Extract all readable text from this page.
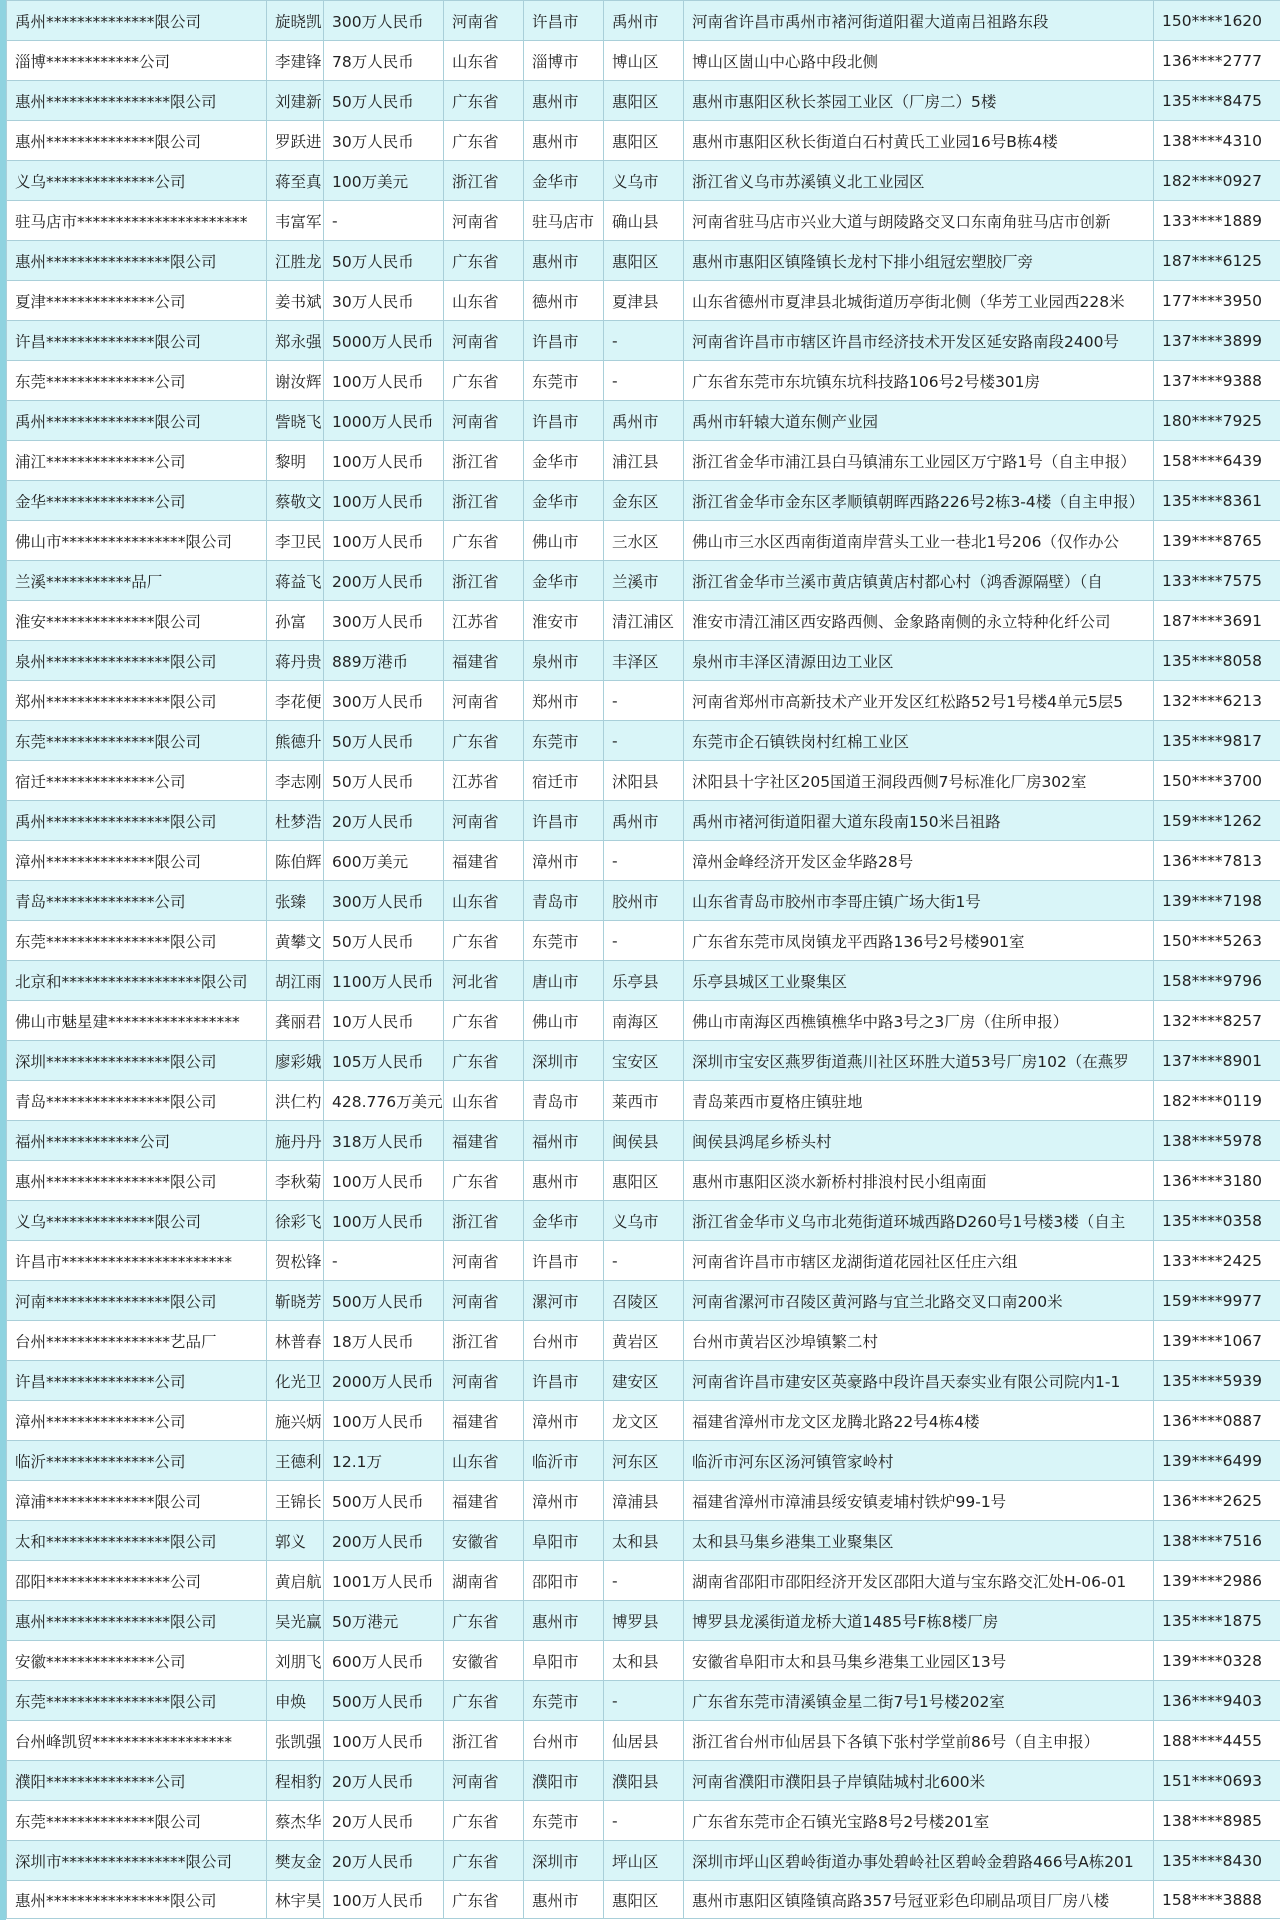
禹州**************限公司	旋晓凯	300万人民币	河南省	许昌市	禹州市	河南省许昌市禹州市褚河街道阳翟大道南吕祖路东段	150****1620
淄博************公司	李建锋	78万人民币	山东省	淄博市	博山区	博山区崮山中心路中段北侧	136****2777
惠州****************限公司	刘建新	50万人民币	广东省	惠州市	惠阳区	惠州市惠阳区秋长茶园工业区（厂房二）5楼	135****8475
惠州**************限公司	罗跃进	30万人民币	广东省	惠州市	惠阳区	惠州市惠阳区秋长街道白石村黄氏工业园16号B栋4楼	138****4310
义乌**************公司	蒋至真	100万美元	浙江省	金华市	义乌市	浙江省义乌市苏溪镇义北工业园区	182****0927
驻马店市**********************	韦富军	-	河南省	驻马店市	确山县	河南省驻马店市兴业大道与朗陵路交叉口东南角驻马店市创新	133****1889
惠州****************限公司	江胜龙	50万人民币	广东省	惠州市	惠阳区	惠州市惠阳区镇隆镇长龙村下排小组冠宏塑胶厂旁	187****6125
夏津**************公司	姜书斌	30万人民币	山东省	德州市	夏津县	山东省德州市夏津县北城街道历亭街北侧（华芳工业园西228米	177****3950
许昌**************限公司	郑永强	5000万人民币	河南省	许昌市	-	河南省许昌市市辖区许昌市经济技术开发区延安路南段2400号	137****3899
东莞**************公司	谢汝辉	100万人民币	广东省	东莞市	-	广东省东莞市东坑镇东坑科技路106号2号楼301房	137****9388
禹州**************限公司	訾晓飞	1000万人民币	河南省	许昌市	禹州市	禹州市轩辕大道东侧产业园	180****7925
浦江**************公司	黎明	100万人民币	浙江省	金华市	浦江县	浙江省金华市浦江县白马镇浦东工业园区万宁路1号（自主申报）	158****6439
金华**************公司	蔡敬文	100万人民币	浙江省	金华市	金东区	浙江省金华市金东区孝顺镇朝晖西路226号2栋3-4楼（自主申报）	135****8361
佛山市****************限公司	李卫民	100万人民币	广东省	佛山市	三水区	佛山市三水区西南街道南岸营头工业一巷北1号206（仅作办公	139****8765
兰溪***********品厂	蒋益飞	200万人民币	浙江省	金华市	兰溪市	浙江省金华市兰溪市黄店镇黄店村都心村（鸿香源隔壁）（自	133****7575
淮安**************限公司	孙富	300万人民币	江苏省	淮安市	清江浦区	淮安市清江浦区西安路西侧、金象路南侧的永立特种化纤公司	187****3691
泉州****************限公司	蒋丹贵	889万港币	福建省	泉州市	丰泽区	泉州市丰泽区清源田边工业区	135****8058
郑州****************限公司	李花便	300万人民币	河南省	郑州市	-	河南省郑州市高新技术产业开发区红松路52号1号楼4单元5层5	132****6213
东莞**************限公司	熊德升	50万人民币	广东省	东莞市	-	东莞市企石镇铁岗村红棉工业区	135****9817
宿迁**************公司	李志刚	50万人民币	江苏省	宿迁市	沭阳县	沭阳县十字社区205国道王洞段西侧7号标准化厂房302室	150****3700
禹州****************限公司	杜梦浩	20万人民币	河南省	许昌市	禹州市	禹州市褚河街道阳翟大道东段南150米吕祖路	159****1262
漳州**************限公司	陈伯辉	600万美元	福建省	漳州市	-	漳州金峰经济开发区金华路28号	136****7813
青岛**************公司	张臻	300万人民币	山东省	青岛市	胶州市	山东省青岛市胶州市李哥庄镇广场大街1号	139****7198
东莞****************限公司	黄攀文	50万人民币	广东省	东莞市	-	广东省东莞市凤岗镇龙平西路136号2号楼901室	150****5263
北京和******************限公司	胡江雨	1100万人民币	河北省	唐山市	乐亭县	乐亭县城区工业聚集区	158****9796
佛山市魅星建*****************	龚丽君	10万人民币	广东省	佛山市	南海区	佛山市南海区西樵镇樵华中路3号之3厂房（住所申报）	132****8257
深圳****************限公司	廖彩娥	105万人民币	广东省	深圳市	宝安区	深圳市宝安区燕罗街道燕川社区环胜大道53号厂房102（在燕罗	137****8901
青岛****************限公司	洪仁杓	428.776万美元	山东省	青岛市	莱西市	青岛莱西市夏格庄镇驻地	182****0119
福州************公司	施丹丹	318万人民币	福建省	福州市	闽侯县	闽侯县鸿尾乡桥头村	138****5978
惠州****************限公司	李秋菊	100万人民币	广东省	惠州市	惠阳区	惠州市惠阳区淡水新桥村排浪村民小组南面	136****3180
义乌**************限公司	徐彩飞	100万人民币	浙江省	金华市	义乌市	浙江省金华市义乌市北苑街道环城西路D260号1号楼3楼（自主	135****0358
许昌市**********************	贺松锋	-	河南省	许昌市	-	河南省许昌市市辖区龙湖街道花园社区任庄六组	133****2425
河南****************限公司	靳晓芳	500万人民币	河南省	漯河市	召陵区	河南省漯河市召陵区黄河路与宜兰北路交叉口南200米	159****9977
台州****************艺品厂	林普春	18万人民币	浙江省	台州市	黄岩区	台州市黄岩区沙埠镇繁二村	139****1067
许昌**************公司	化光卫	2000万人民币	河南省	许昌市	建安区	河南省许昌市建安区英豪路中段许昌天泰实业有限公司院内1-1	135****5939
漳州**************公司	施兴炳	100万人民币	福建省	漳州市	龙文区	福建省漳州市龙文区龙腾北路22号4栋4楼	136****0887
临沂**************公司	王德利	12.1万	山东省	临沂市	河东区	临沂市河东区汤河镇管家岭村	139****6499
漳浦**************限公司	王锦长	500万人民币	福建省	漳州市	漳浦县	福建省漳州市漳浦县绥安镇麦埔村铁炉99-1号	136****2625
太和****************限公司	郭义	200万人民币	安徽省	阜阳市	太和县	太和县马集乡港集工业聚集区	138****7516
邵阳****************公司	黄启航	1001万人民币	湖南省	邵阳市	-	湖南省邵阳市邵阳经济开发区邵阳大道与宝东路交汇处H-06-01	139****2986
惠州****************限公司	吴光赢	50万港元	广东省	惠州市	博罗县	博罗县龙溪街道龙桥大道1485号F栋8楼厂房	135****1875
安徽**************公司	刘朋飞	600万人民币	安徽省	阜阳市	太和县	安徽省阜阳市太和县马集乡港集工业园区13号	139****0328
东莞****************限公司	申焕	500万人民币	广东省	东莞市	-	广东省东莞市清溪镇金星二街7号1号楼202室	136****9403
台州峰凯贸******************	张凯强	100万人民币	浙江省	台州市	仙居县	浙江省台州市仙居县下各镇下张村学堂前86号（自主申报）	188****4455
濮阳**************公司	程相豹	20万人民币	河南省	濮阳市	濮阳县	河南省濮阳市濮阳县子岸镇陆城村北600米	151****0693
东莞**************限公司	蔡杰华	20万人民币	广东省	东莞市	-	广东省东莞市企石镇光宝路8号2号楼201室	138****8985
深圳市****************限公司	樊友金	20万人民币	广东省	深圳市	坪山区	深圳市坪山区碧岭街道办事处碧岭社区碧岭金碧路466号A栋201	135****8430
惠州****************限公司	林宇昊	100万人民币	广东省	惠州市	惠阳区	惠州市惠阳区镇隆镇高路357号冠亚彩色印刷品项目厂房八楼	158****3888
